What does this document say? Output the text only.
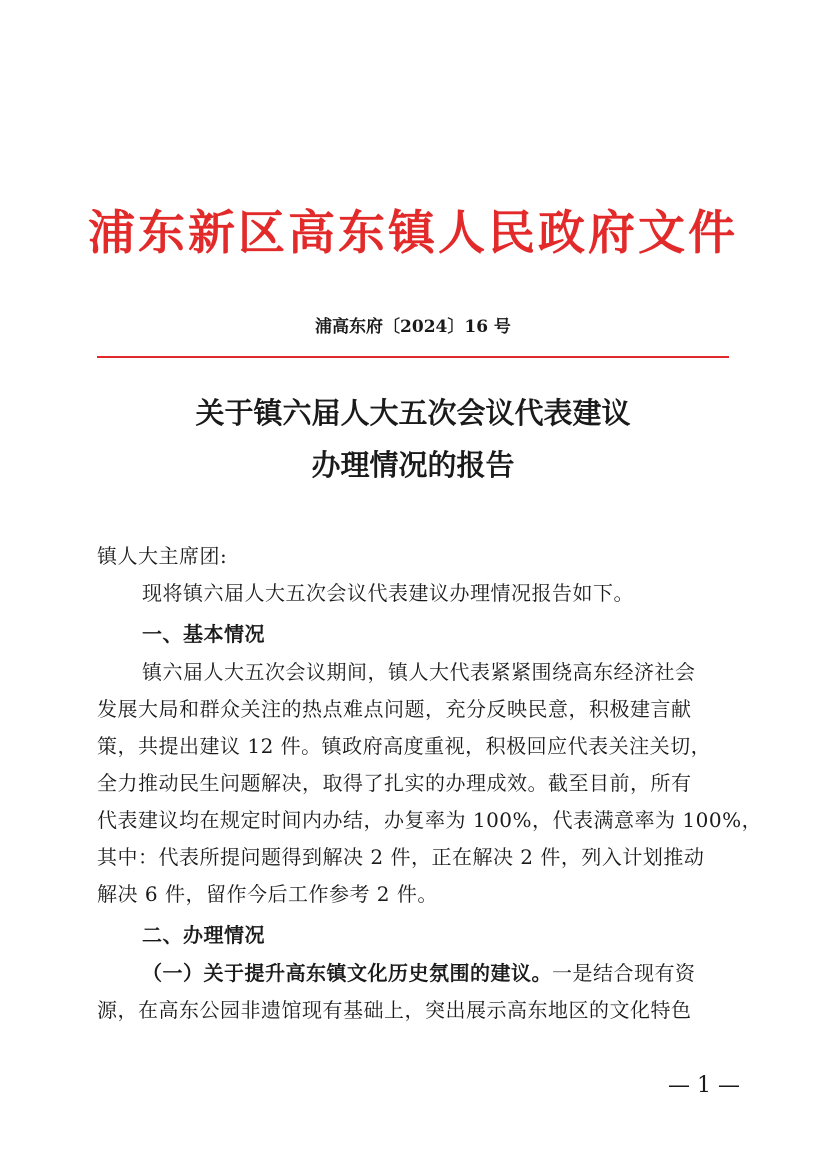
浦东新区高东镇人民政府文件
浦高东府〔2024〕16 号
关于镇六届人大五次会议代表建议
办理情况的报告
镇人大主席团:
现将镇六届人大五次会议代表建议办理情况报告如下。
一、基本情况
镇六届人大五次会议期间，镇人大代表紧紧围绕高东经济社会
发展大局和群众关注的热点难点问题，充分反映民意，积极建言献
策，共提出建议 12 件。镇政府高度重视，积极回应代表关注关切，
全力推动民生问题解决，取得了扎实的办理成效。截至目前，所有
代表建议均在规定时间内办结，办复率为 100%，代表满意率为 100%，
其中：代表所提问题得到解决 2 件，正在解决 2 件，列入计划推动
解决 6 件，留作今后工作参考 2 件。
二、办理情况
（一）关于提升高东镇文化历史氛围的建议。一是结合现有资
源，在高东公园非遗馆现有基础上，突出展示高东地区的文化特色
— 1 —
